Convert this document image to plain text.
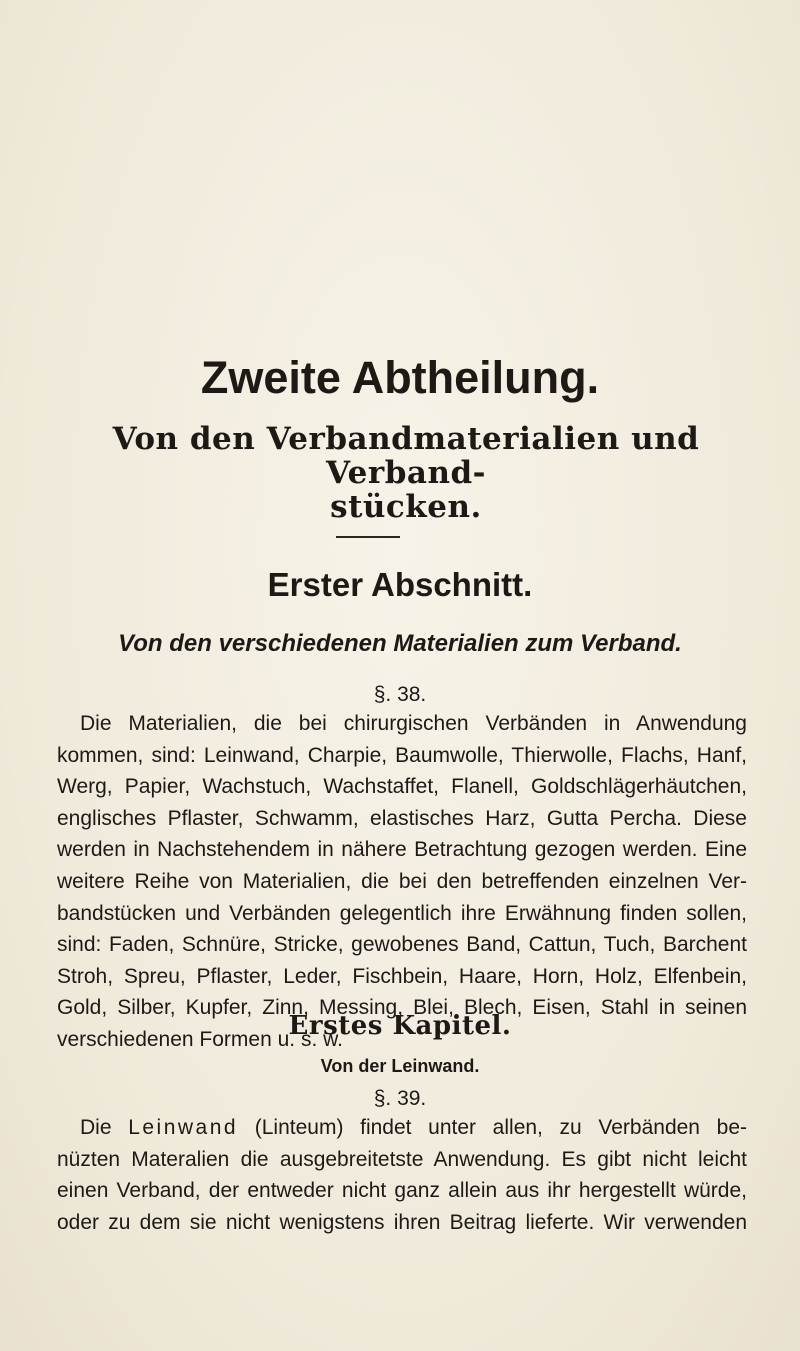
Zweite Abtheilung.
Von den Verbandmaterialien und Verband-
stücken.
Erster Abschnitt.
Von den verschiedenen Materialien zum Verband.

§. 38.

Die Materialien, die bei chirurgischen Verbänden in Anwendung
kommen, sind: Leinwand, Charpie, Baumwolle, Thierwolle, Flachs, Hanf,
Werg, Papier, Wachstuch, Wachstaffet, Flanell, Goldschlägerhäutchen,
englisches Pflaster, Schwamm, elastisches Harz, Gutta Percha. Diese
werden in Nachstehendem in nähere Betrachtung gezogen werden. Eine
weitere Reihe von Materialien, die bei den betreffenden einzelnen Ver-
bandstücken und Verbänden gelegentlich ihre Erwähnung finden sollen,
sind: Faden, Schnüre, Stricke, gewobenes Band, Cattun, Tuch, Barchent
Stroh, Spreu, Pflaster, Leder, Fischbein, Haare, Horn, Holz, Elfenbein,
Gold, Silber, Kupfer, Zinn, Messing, Blei, Blech, Eisen, Stahl in seinen
verschiedenen Formen u. s. w.
Erstes Kapitel.
Von der Leinwand.

§. 39.

Die Leinwand (Linteum) findet unter allen, zu Verbänden be-
nüzten Materalien die ausgebreitetste Anwendung. Es gibt nicht leicht
einen Verband, der entweder nicht ganz allein aus ihr hergestellt würde,
oder zu dem sie nicht wenigstens ihren Beitrag lieferte. Wir verwenden
